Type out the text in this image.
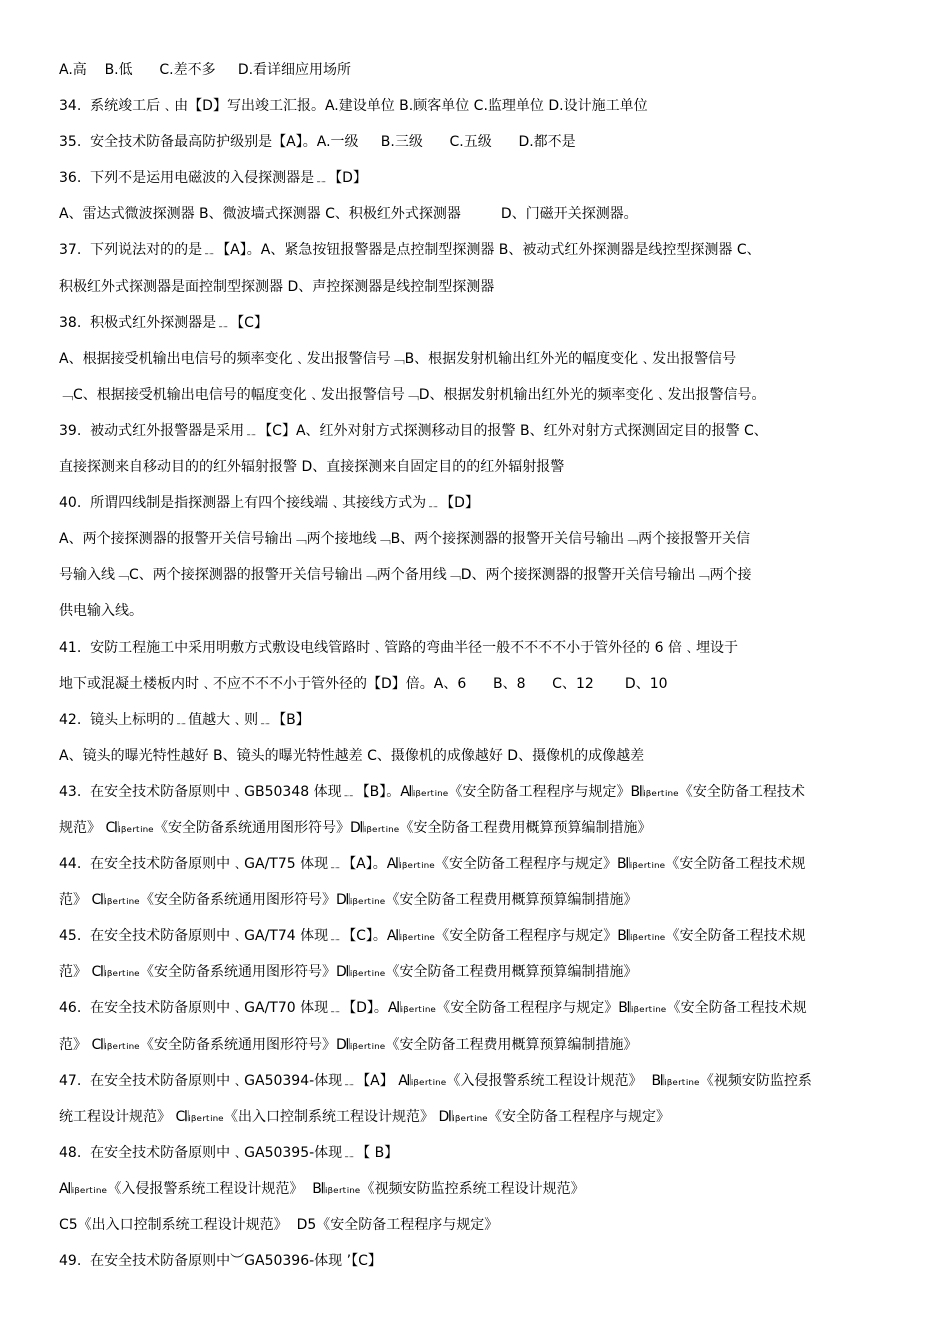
A.高    B.低      C.差不多     D.看详细应用场所
34.  系统竣工后﹑由【D】写出竣工汇报。A.建设单位 B.顾客单位 C.监理单位 D.设计施工单位
35.  安全技术防备最高防护级别是【A】。A.一级     B.三级      C.五级      D.都不是
36.  下列不是运用电磁波的入侵探测器是﹎【D】
A、雷达式微波探测器 B、微波墙式探测器 C、积极红外式探测器         D、门磁开关探测器。
37.  下列说法对的的是﹎【A】。A、紧急按钮报警器是点控制型探测器 B、被动式红外探测器是线控型探测器 C、
积极红外式探测器是面控制型探测器 D、声控探测器是线控制型探测器
38.  积极式红外探测器是﹎【C】
A、根据接受机输出电信号的频率变化﹑发出报警信号﹁B、根据发射机输出红外光的幅度变化﹑发出报警信号
﹁C、根据接受机输出电信号的幅度变化﹑发出报警信号﹁D、根据发射机输出红外光的频率变化﹑发出报警信号。
39.  被动式红外报警器是采用﹎【C】A、红外对射方式探测移动目的报警 B、红外对射方式探测固定目的报警 C、
直接探测来自移动目的的红外辐射报警 D、直接探测来自固定目的的红外辐射报警
40.  所谓四线制是指探测器上有四个接线端﹑其接线方式为﹎【D】
A、两个接探测器的报警开关信号输出﹁两个接地线﹁B、两个接探测器的报警开关信号输出﹁两个接报警开关信
号输入线﹁C、两个接探测器的报警开关信号输出﹁两个备用线﹁D、两个接探测器的报警开关信号输出﹁两个接
供电输入线。
41.  安防工程施工中采用明敷方式敷设电线管路时﹑管路的弯曲半径一般不不不不小于管外径的 6 倍﹑埋设于
地下或混凝土楼板内时﹑不应不不不小于管外径的【D】倍。A、6      B、8      C、12       D、10
42.  镜头上标明的﹎值越大﹑则﹎【B】
A、镜头的曝光特性越好 B、镜头的曝光特性越差 C、摄像机的成像越好 D、摄像机的成像越差
43.  在安全技术防备原则中﹑GB50348 体现﹎【B】。A𝄃ᵢᵦₑᵣₜᵢₙₑ《安全防备工程程序与规定》B𝄃ᵢᵦₑᵣₜᵢₙₑ《安全防备工程技术
规范》 C𝄃ᵢᵦₑᵣₜᵢₙₑ《安全防备系统通用图形符号》D𝄃ᵢᵦₑᵣₜᵢₙₑ《安全防备工程费用概算预算编制措施》
44.  在安全技术防备原则中﹑GA/T75 体现﹎【A】。A𝄃ᵢᵦₑᵣₜᵢₙₑ《安全防备工程程序与规定》B𝄃ᵢᵦₑᵣₜᵢₙₑ《安全防备工程技术规
范》 C𝄃ᵢᵦₑᵣₜᵢₙₑ《安全防备系统通用图形符号》D𝄃ᵢᵦₑᵣₜᵢₙₑ《安全防备工程费用概算预算编制措施》
45.  在安全技术防备原则中﹑GA/T74 体现﹎【C】。A𝄃ᵢᵦₑᵣₜᵢₙₑ《安全防备工程程序与规定》B𝄃ᵢᵦₑᵣₜᵢₙₑ《安全防备工程技术规
范》 C𝄃ᵢᵦₑᵣₜᵢₙₑ《安全防备系统通用图形符号》D𝄃ᵢᵦₑᵣₜᵢₙₑ《安全防备工程费用概算预算编制措施》
46.  在安全技术防备原则中﹑GA/T70 体现﹎【D】。A𝄃ᵢᵦₑᵣₜᵢₙₑ《安全防备工程程序与规定》B𝄃ᵢᵦₑᵣₜᵢₙₑ《安全防备工程技术规
范》 C𝄃ᵢᵦₑᵣₜᵢₙₑ《安全防备系统通用图形符号》D𝄃ᵢᵦₑᵣₜᵢₙₑ《安全防备工程费用概算预算编制措施》
47.  在安全技术防备原则中﹑GA50394-体现﹎【A】 A𝄃ᵢᵦₑᵣₜᵢₙₑ《入侵报警系统工程设计规范》  B𝄃ᵢᵦₑᵣₜᵢₙₑ《视频安防监控系
统工程设计规范》 C𝄃ᵢᵦₑᵣₜᵢₙₑ《出入口控制系统工程设计规范》 D𝄃ᵢᵦₑᵣₜᵢₙₑ《安全防备工程程序与规定》
48.  在安全技术防备原则中﹑GA50395-体现﹎【 B】
A𝄃ᵢᵦₑᵣₜᵢₙₑ《入侵报警系统工程设计规范》  B𝄃ᵢᵦₑᵣₜᵢₙₑ《视频安防监控系统工程设计规范》
C5《出入口控制系统工程设计规范》  D5《安全防备工程程序与规定》
49.  在安全技术防备原则中︶GA50396-体现 ’【C】
